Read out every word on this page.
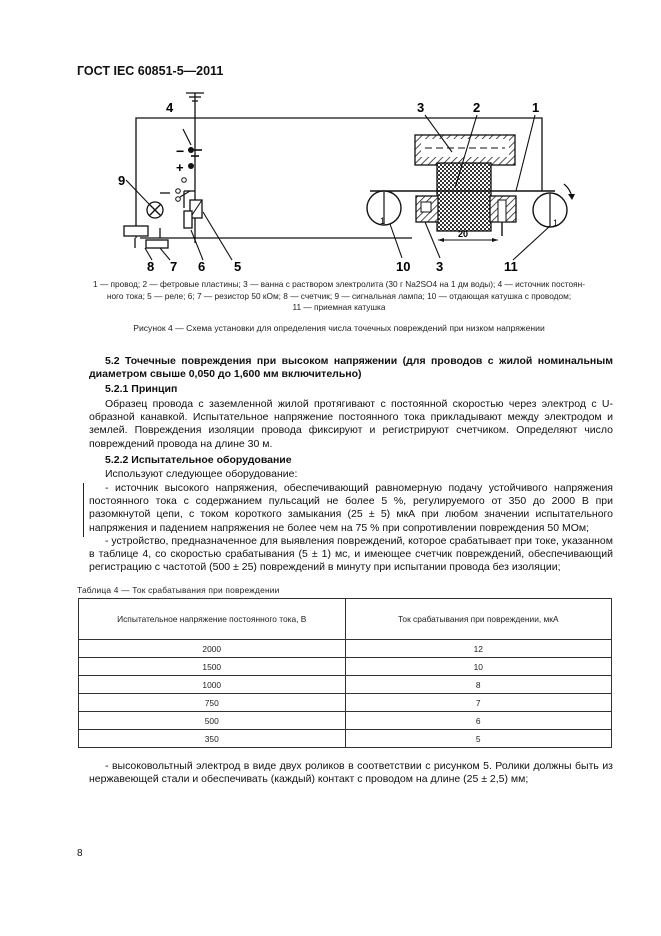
ГОСТ IEC 60851-5—2011
4
−
+
5
6
9
8 7
1	1
20
3	2	1
10 3	11
1 — провод; 2 — фетровые пластины; 3 — ванна с раствором электролита (30 г Na2SO4 на 1 дм воды); 4 — источник постоян-
ного тока; 5 — реле; 6; 7 — резистор 50 кОм; 8 — счетчик; 9 — сигнальная лампа; 10 — отдающая катушка с проводом;
11 — приемная катушка
Рисунок 4 — Схема установки для определения числа точечных повреждений при низком напряжении
5.2 Точечные повреждения при высоком напряжении (для проводов с жилой номинальным диаметром свыше 0,050 до 1,600 мм включительно)
5.2.1 Принцип
Образец провода с заземленной жилой протягивают с постоянной скоростью через электрод с U-образной канавкой. Испытательное напряжение постоянного тока прикладывают между электродом и землей. Повреждения изоляции провода фиксируют и регистрируют счетчиком. Определяют число повреждений провода на длине 30 м.
5.2.2 Испытательное оборудование
Используют следующее оборудование:
- источник высокого напряжения, обеспечивающий равномерную подачу устойчивого напряжения постоянного тока с содержанием пульсаций не более 5 %, регулируемого от 350 до 2000 В при разомкнутой цепи, с током короткого замыкания (25 ± 5) мкА при любом значении испытательного напряжения и падением напряжения не более чем на 75 % при сопротивлении повреждения 50 МОм;
- устройство, предназначенное для выявления повреждений, которое срабатывает при токе, указанном в таблице 4, со скоростью срабатывания (5 ± 1) мс, и имеющее счетчик повреждений, обеспечивающий регистрацию с частотой (500 ± 25) повреждений в минуту при испытании провода без изоляции;
Таблица 4 — Ток срабатывания при повреждении
Испытательное напряжение постоянного тока, В	Ток срабатывания при повреждении, мкА
2000	12
1500	10
1000	8
750	7
500	6
350	5
- высоковольтный электрод в виде двух роликов в соответствии с рисунком 5. Ролики должны быть из нержавеющей стали и обеспечивать (каждый) контакт с проводом на длине (25 ± 2,5) мм;
8
